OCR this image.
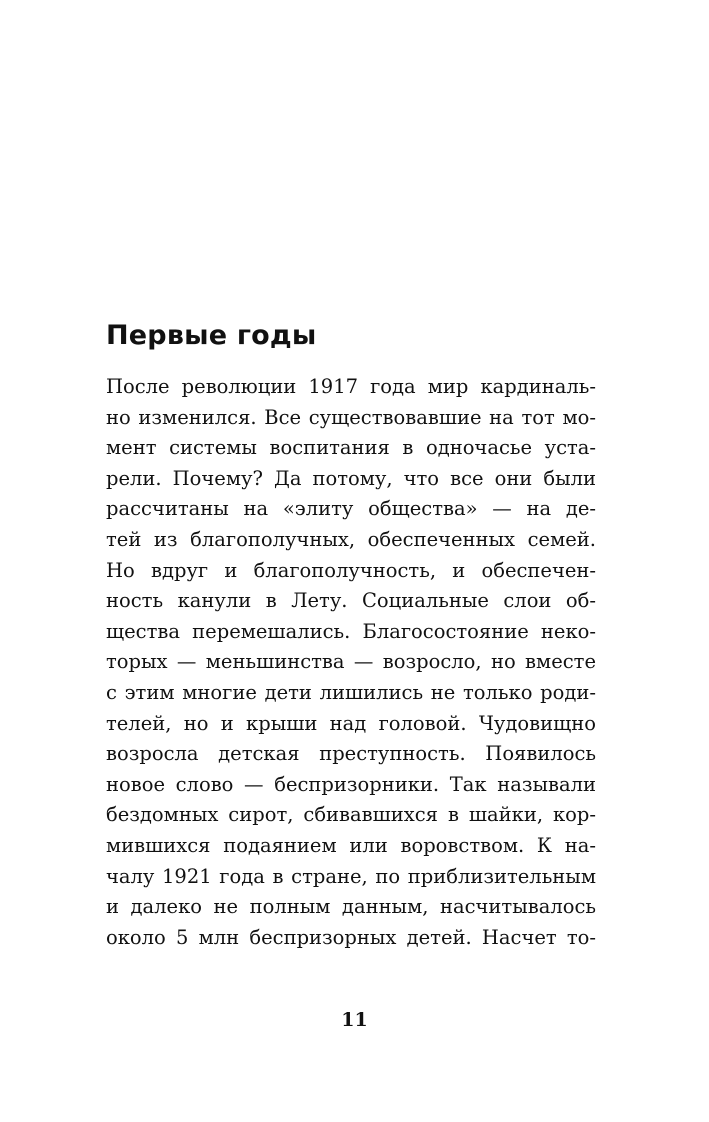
Первые годы
После революции 1917 года мир кардиналь-
но изменился. Все существовавшие на тот мо-
мент системы воспитания в одночасье уста-
рели. Почему? Да потому, что все они были
рассчитаны на «элиту общества» — на де-
тей из благополучных, обеспеченных семей.
Но вдруг и благополучность, и обеспечен-
ность канули в Лету. Социальные слои об-
щества перемешались. Благосостояние неко-
торых — меньшинства — возросло, но вместе
с этим многие дети лишились не только роди-
телей, но и крыши над головой. Чудовищно
возросла детская преступность. Появилось
новое слово — беспризорники. Так называли
бездомных сирот, сбивавшихся в шайки, кор-
мившихся подаянием или воровством. К на-
чалу 1921 года в стране, по приблизительным
и далеко не полным данным, насчитывалось
около 5 млн беспризорных детей. Насчет то-
11
